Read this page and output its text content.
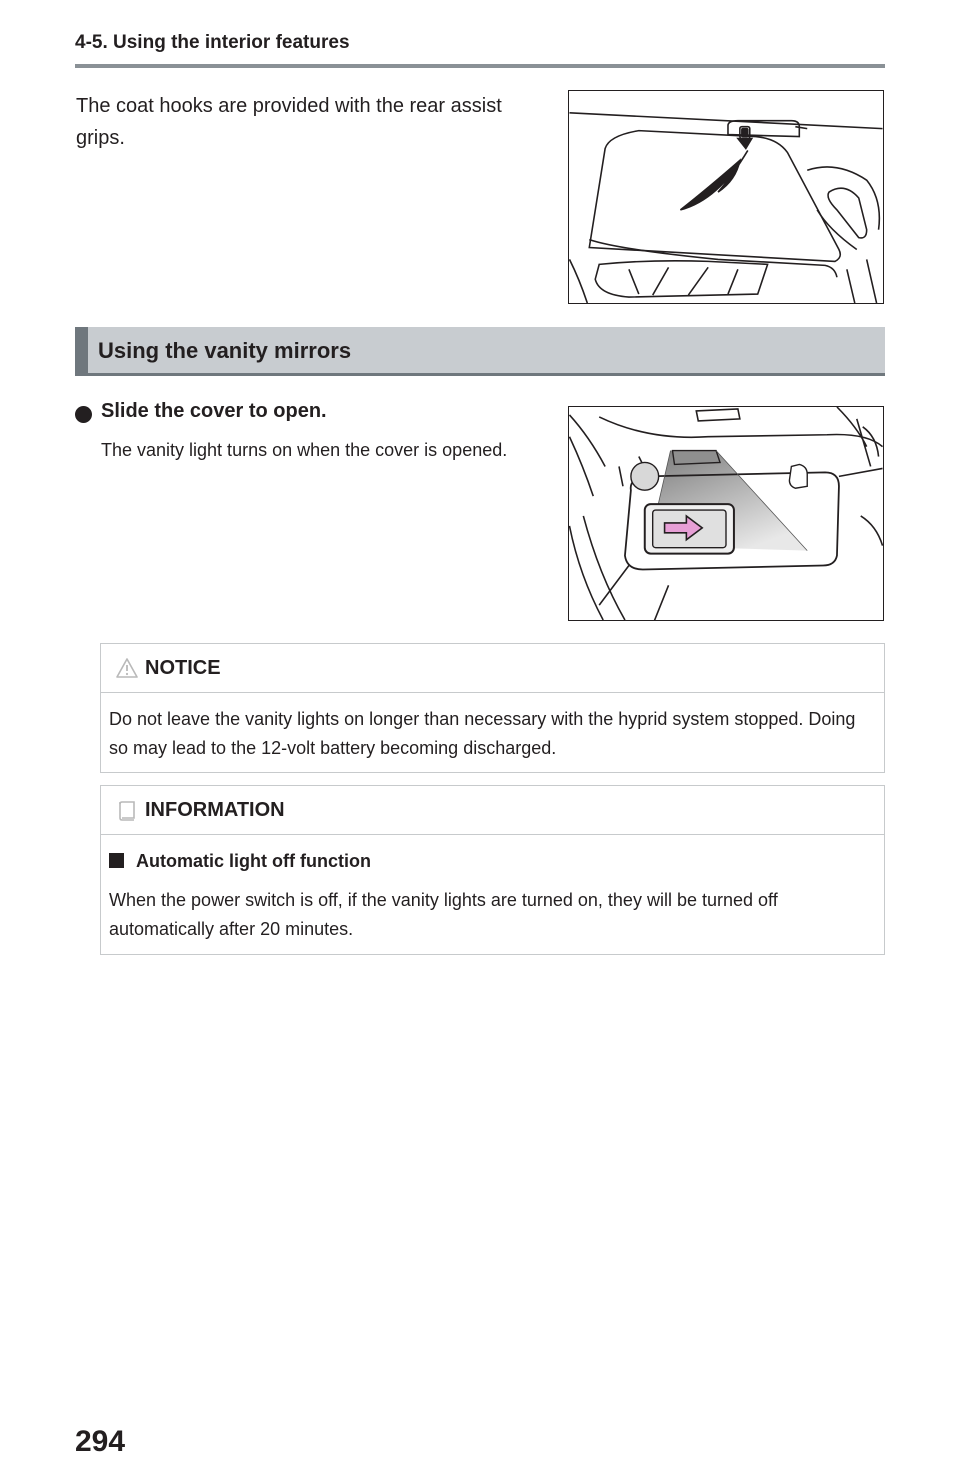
4-5. Using the interior features
The coat hooks are provided with the rear assist grips.
Using the vanity mirrors
Slide the cover to open.
The vanity light turns on when the cover is opened.
NOTICE
Do not leave the vanity lights on longer than necessary with the hyprid system stopped. Doing so may lead to the 12-volt battery becoming discharged.
INFORMATION
Automatic light off function
When the power switch is off, if the vanity lights are turned on, they will be turned off automatically after 20 minutes.
294
